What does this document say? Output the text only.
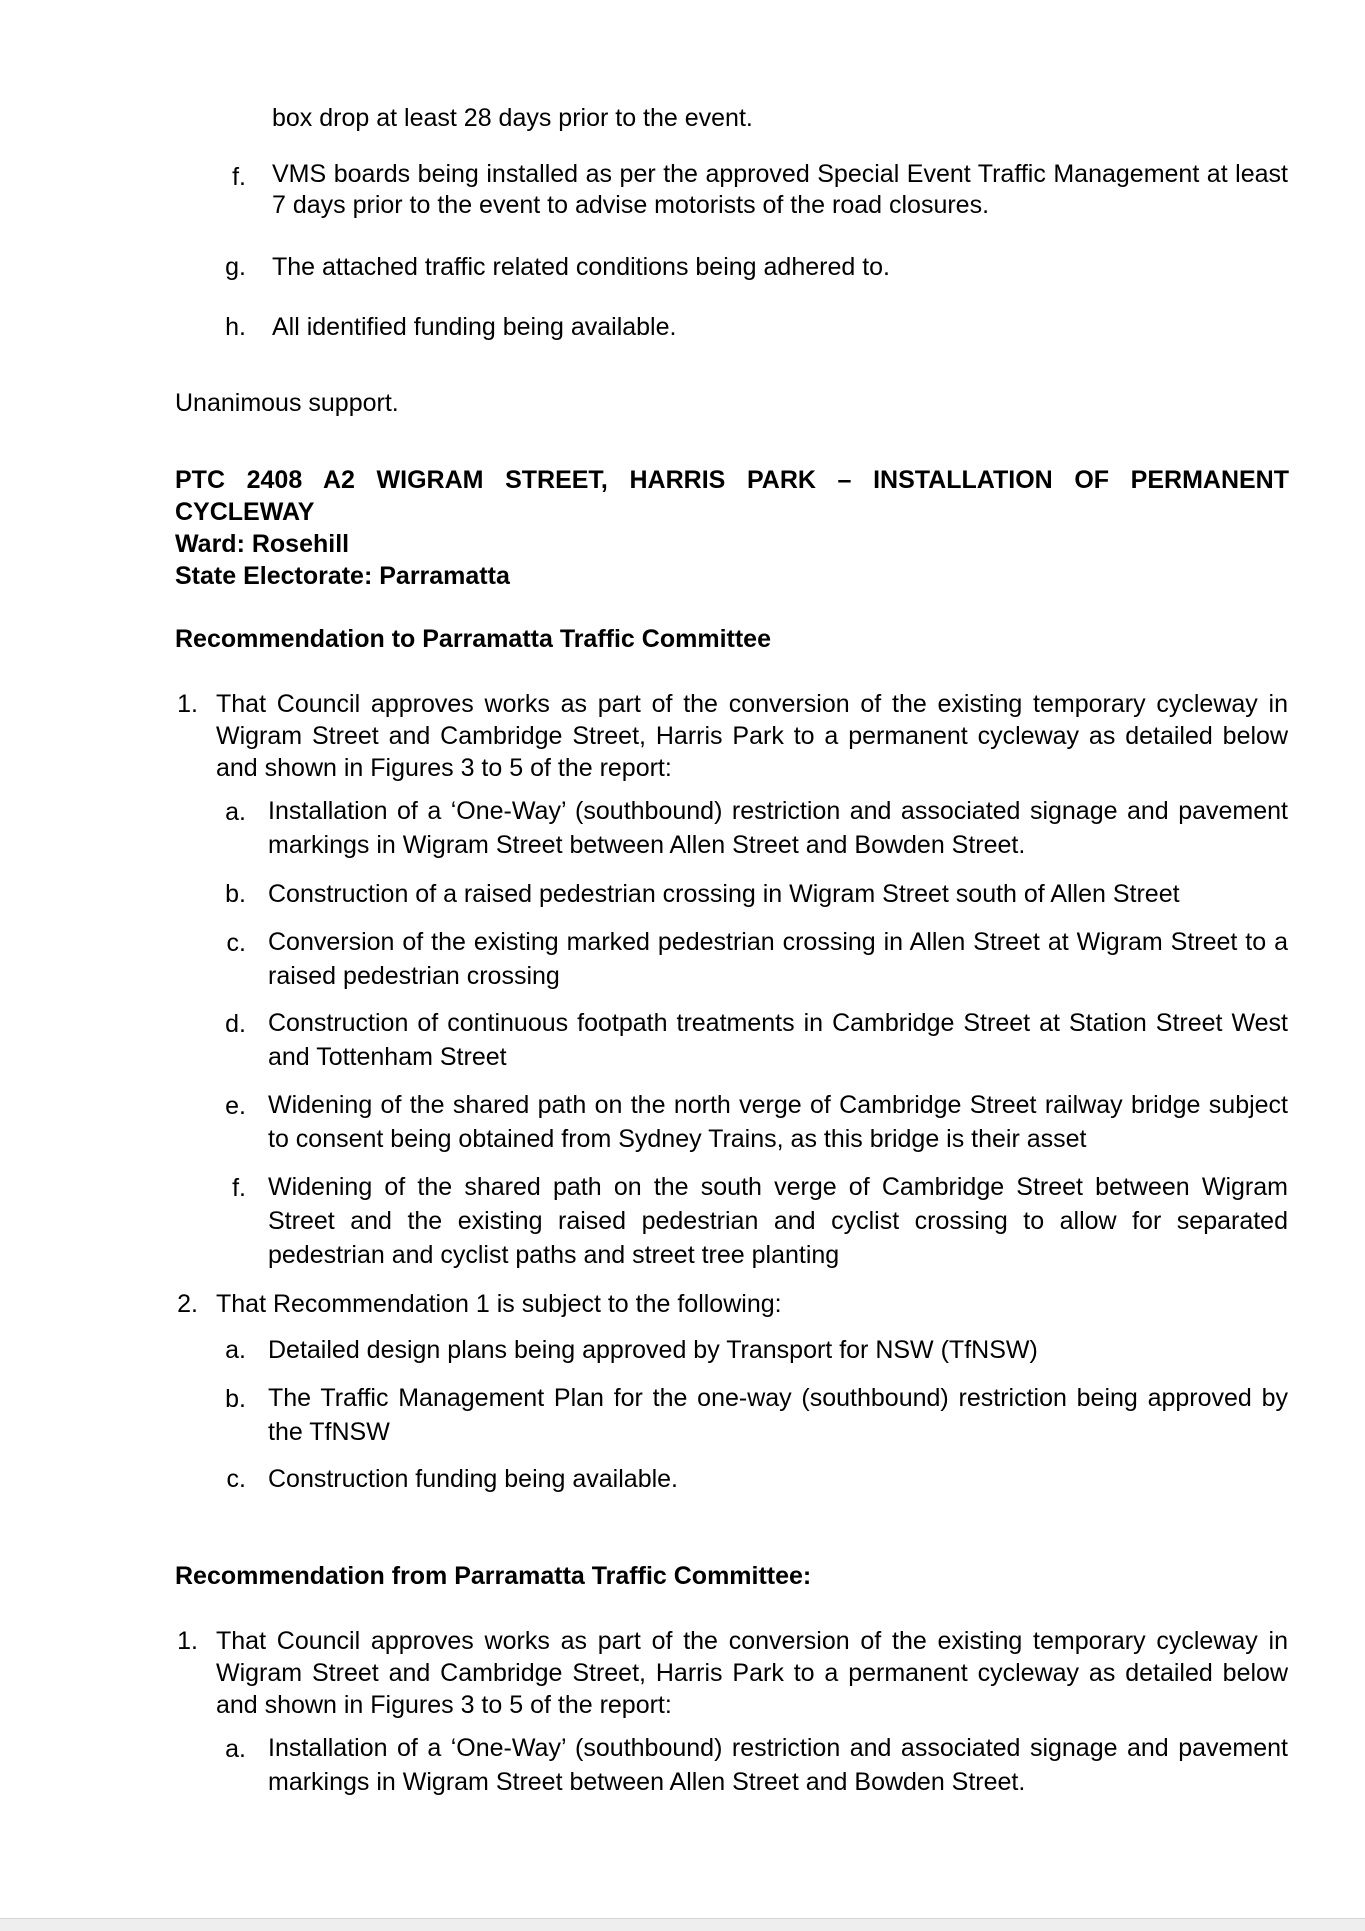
box drop at least 28 days prior to the event.

f. VMS boards being installed as per the approved Special Event Traffic Management at least 7 days prior to the event to advise motorists of the road closures.

g. The attached traffic related conditions being adhered to.

h. All identified funding being available.

Unanimous support.

PTC 2408 A2 WIGRAM STREET, HARRIS PARK – INSTALLATION OF PERMANENT

CYCLEWAY

Ward: Rosehill

State Electorate: Parramatta

Recommendation to Parramatta Traffic Committee

1. That Council approves works as part of the conversion of the existing temporary cycleway in Wigram Street and Cambridge Street, Harris Park to a permanent cycleway as detailed below and shown in Figures 3 to 5 of the report:

a. Installation of a ‘One-Way’ (southbound) restriction and associated signage and pavement markings in Wigram Street between Allen Street and Bowden Street.

b. Construction of a raised pedestrian crossing in Wigram Street south of Allen Street

c. Conversion of the existing marked pedestrian crossing in Allen Street at Wigram Street to a raised pedestrian crossing

d. Construction of continuous footpath treatments in Cambridge Street at Station Street West and Tottenham Street

e. Widening of the shared path on the north verge of Cambridge Street railway bridge subject to consent being obtained from Sydney Trains, as this bridge is their asset

f. Widening of the shared path on the south verge of Cambridge Street between Wigram Street and the existing raised pedestrian and cyclist crossing to allow for separated pedestrian and cyclist paths and street tree planting

2. That Recommendation 1 is subject to the following:

a. Detailed design plans being approved by Transport for NSW (TfNSW)

b. The Traffic Management Plan for the one-way (southbound) restriction being approved by the TfNSW

c. Construction funding being available.

Recommendation from Parramatta Traffic Committee:

1. That Council approves works as part of the conversion of the existing temporary cycleway in Wigram Street and Cambridge Street, Harris Park to a permanent cycleway as detailed below and shown in Figures 3 to 5 of the report:

a. Installation of a ‘One-Way’ (southbound) restriction and associated signage and pavement markings in Wigram Street between Allen Street and Bowden Street.
